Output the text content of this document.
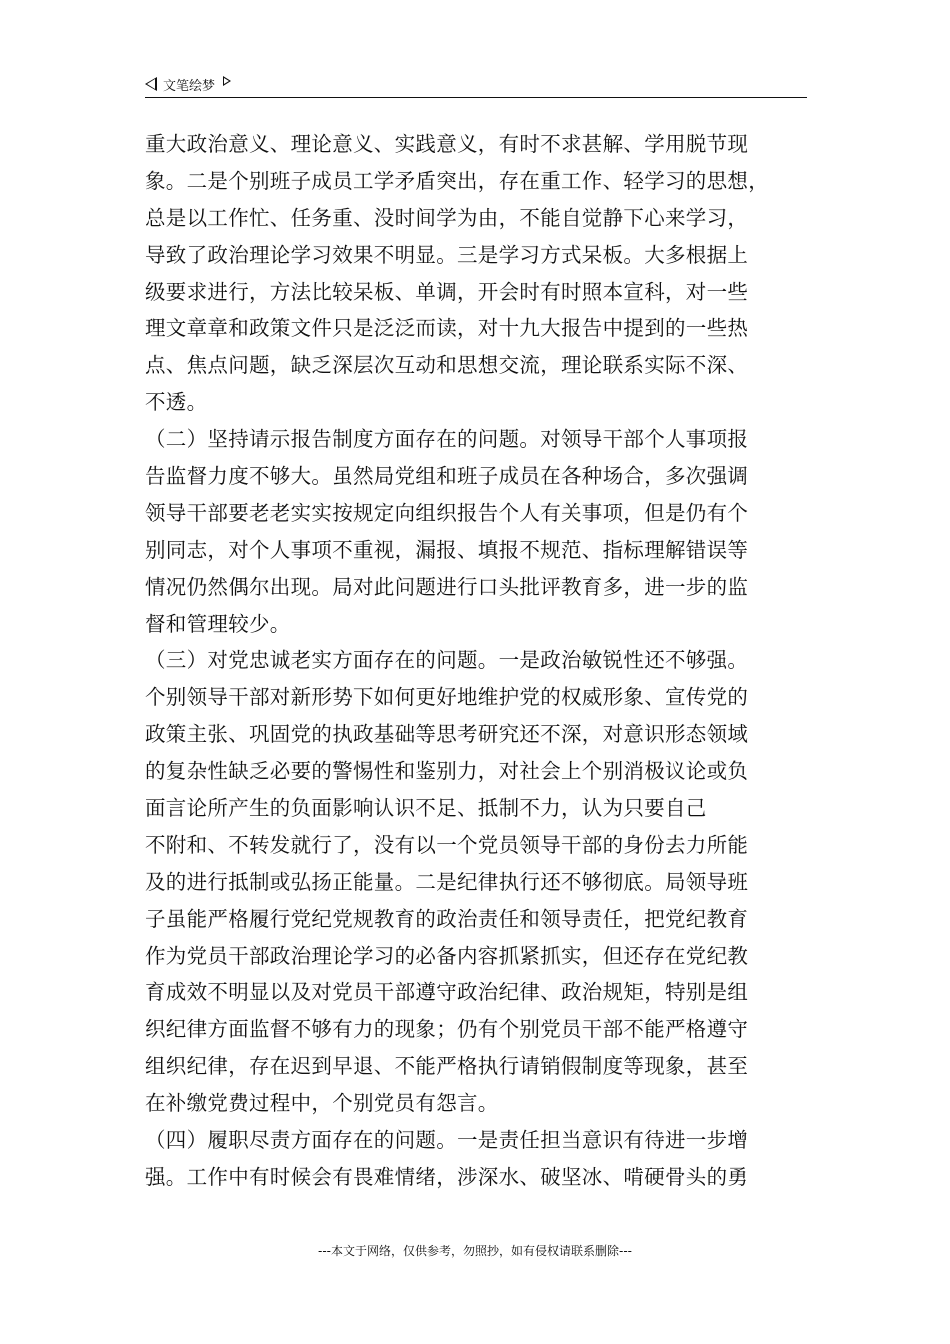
文笔绘梦
重大政治意义、理论意义、实践意义，有时不求甚解、学用脱节现
象。二是个别班子成员工学矛盾突出，存在重工作、轻学习的思想，
总是以工作忙、任务重、没时间学为由，不能自觉静下心来学习，
导致了政治理论学习效果不明显。三是学习方式呆板。大多根据上
级要求进行，方法比较呆板、单调，开会时有时照本宣科，对一些
理文章章和政策文件只是泛泛而读，对十九大报告中提到的一些热
点、焦点问题，缺乏深层次互动和思想交流，理论联系实际不深、
不透。
（二）坚持请示报告制度方面存在的问题。对领导干部个人事项报
告监督力度不够大。虽然局党组和班子成员在各种场合，多次强调
领导干部要老老实实按规定向组织报告个人有关事项，但是仍有个
别同志，对个人事项不重视，漏报、填报不规范、指标理解错误等
情况仍然偶尔出现。局对此问题进行口头批评教育多，进一步的监
督和管理较少。
（三）对党忠诚老实方面存在的问题。一是政治敏锐性还不够强。
个别领导干部对新形势下如何更好地维护党的权威形象、宣传党的
政策主张、巩固党的执政基础等思考研究还不深，对意识形态领域
的复杂性缺乏必要的警惕性和鉴别力，对社会上个别消极议论或负
面言论所产生的负面影响认识不足、抵制不力，认为只要自己
不附和、不转发就行了，没有以一个党员领导干部的身份去力所能
及的进行抵制或弘扬正能量。二是纪律执行还不够彻底。局领导班
子虽能严格履行党纪党规教育的政治责任和领导责任，把党纪教育
作为党员干部政治理论学习的必备内容抓紧抓实，但还存在党纪教
育成效不明显以及对党员干部遵守政治纪律、政治规矩，特别是组
织纪律方面监督不够有力的现象；仍有个别党员干部不能严格遵守
组织纪律，存在迟到早退、不能严格执行请销假制度等现象，甚至
在补缴党费过程中，个别党员有怨言。
（四）履职尽责方面存在的问题。一是责任担当意识有待进一步增
强。工作中有时候会有畏难情绪，涉深水、破坚冰、啃硬骨头的勇
---本文于网络，仅供参考，勿照抄，如有侵权请联系删除---
